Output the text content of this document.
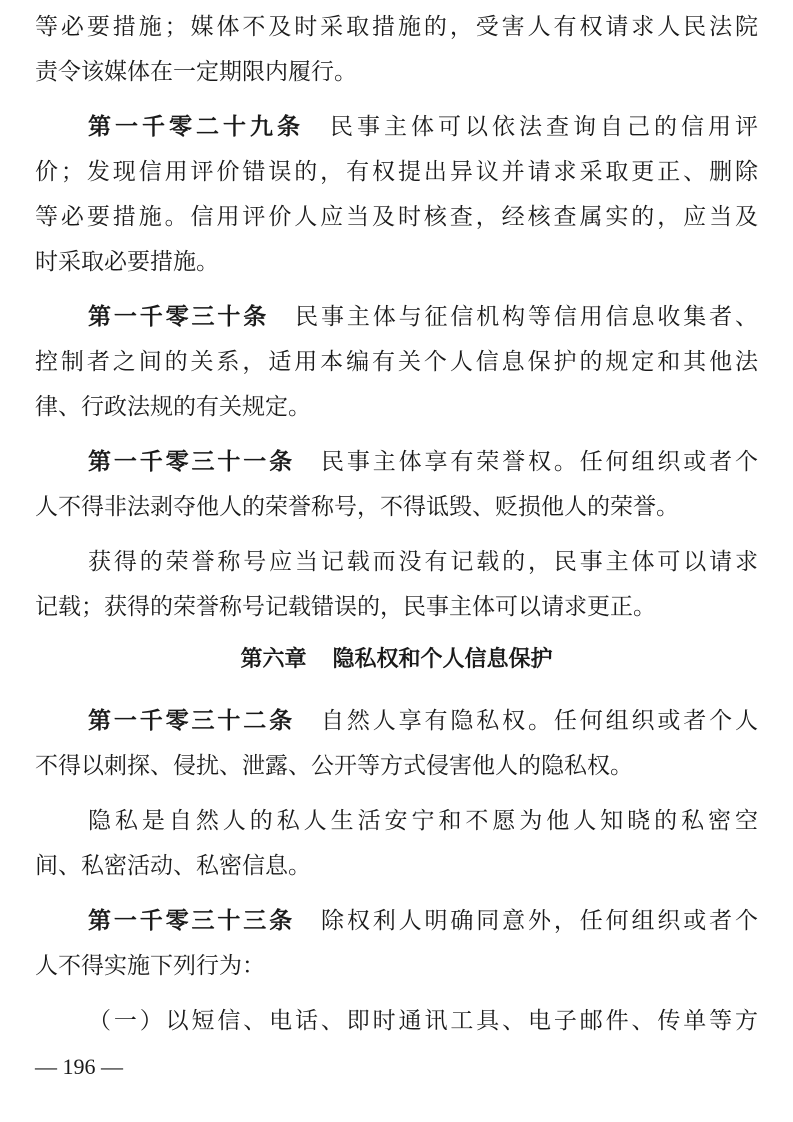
等必要措施；媒体不及时采取措施的，受害人有权请求人民法院
责令该媒体在一定期限内履行。
第一千零二十九条 民事主体可以依法查询自己的信用评
价；发现信用评价错误的，有权提出异议并请求采取更正、删除
等必要措施。信用评价人应当及时核查，经核查属实的，应当及
时采取必要措施。
第一千零三十条 民事主体与征信机构等信用信息收集者、
控制者之间的关系，适用本编有关个人信息保护的规定和其他法
律、行政法规的有关规定。
第一千零三十一条 民事主体享有荣誉权。任何组织或者个
人不得非法剥夺他人的荣誉称号，不得诋毁、贬损他人的荣誉。
获得的荣誉称号应当记载而没有记载的，民事主体可以请求
记载；获得的荣誉称号记载错误的，民事主体可以请求更正。
第六章 隐私权和个人信息保护
第一千零三十二条 自然人享有隐私权。任何组织或者个人
不得以刺探、侵扰、泄露、公开等方式侵害他人的隐私权。
隐私是自然人的私人生活安宁和不愿为他人知晓的私密空
间、私密活动、私密信息。
第一千零三十三条 除权利人明确同意外，任何组织或者个
人不得实施下列行为：
（一）以短信、电话、即时通讯工具、电子邮件、传单等方
— 196 —
